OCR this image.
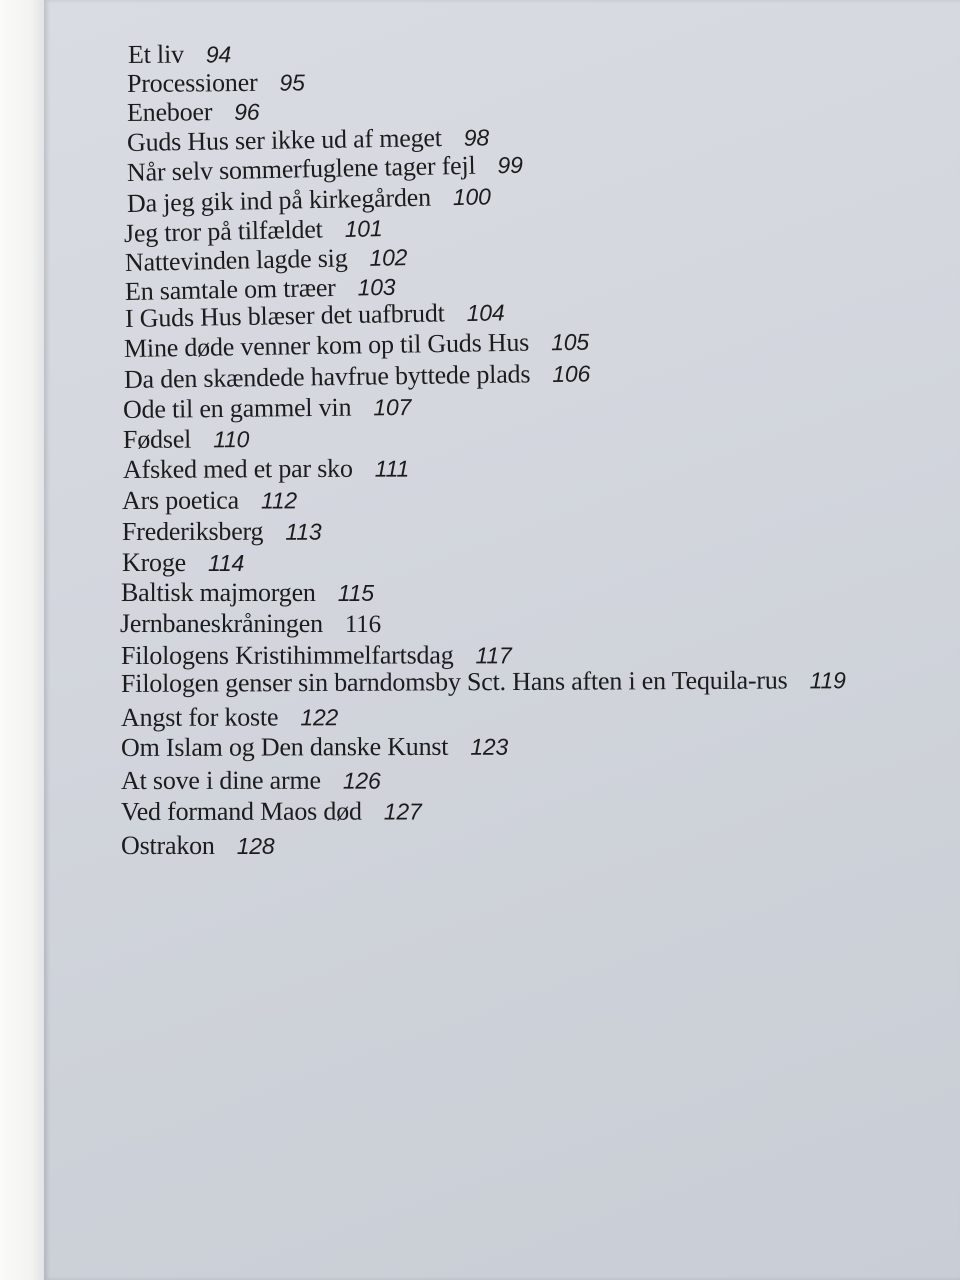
Et liv 94
Processioner 95
Eneboer 96
Guds Hus ser ikke ud af meget 98
Når selv sommerfuglene tager fejl 99
Da jeg gik ind på kirkegården 100
Jeg tror på tilfældet 101
Nattevinden lagde sig 102
En samtale om træer 103
I Guds Hus blæser det uafbrudt 104
Mine døde venner kom op til Guds Hus 105
Da den skændede havfrue byttede plads 106
Ode til en gammel vin 107
Fødsel 110
Afsked med et par sko 111
Ars poetica 112
Frederiksberg 113
Kroge 114
Baltisk majmorgen 115
Jernbaneskråningen 116
Filologens Kristihimmelfartsdag 117
Filologen genser sin barndomsby Sct. Hans aften i en Tequila-rus 119
Angst for koste 122
Om Islam og Den danske Kunst 123
At sove i dine arme 126
Ved formand Maos død 127
Ostrakon 128
